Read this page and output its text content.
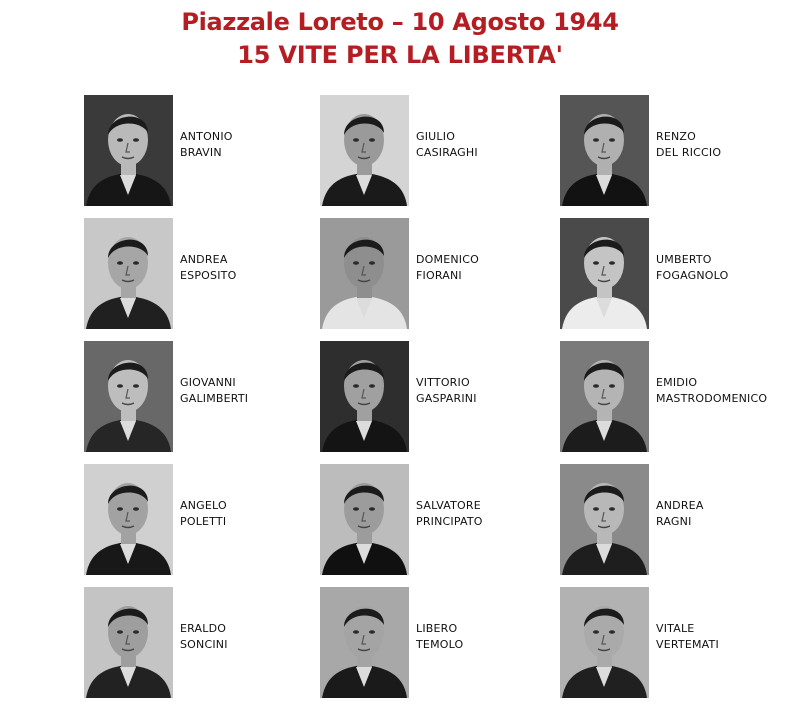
Piazzale Loreto – 10 Agosto 1944
15 VITE PER LA LIBERTA'
ANTONIO
BRAVIN
GIULIO
CASIRAGHI
RENZO
DEL RICCIO
ANDREA
ESPOSITO
DOMENICO
FIORANI
UMBERTO
FOGAGNOLO
GIOVANNI
GALIMBERTI
VITTORIO
GASPARINI
EMIDIO
MASTRODOMENICO
ANGELO
POLETTI
SALVATORE
PRINCIPATO
ANDREA
RAGNI
ERALDO
SONCINI
LIBERO
TEMOLO
VITALE
VERTEMATI
